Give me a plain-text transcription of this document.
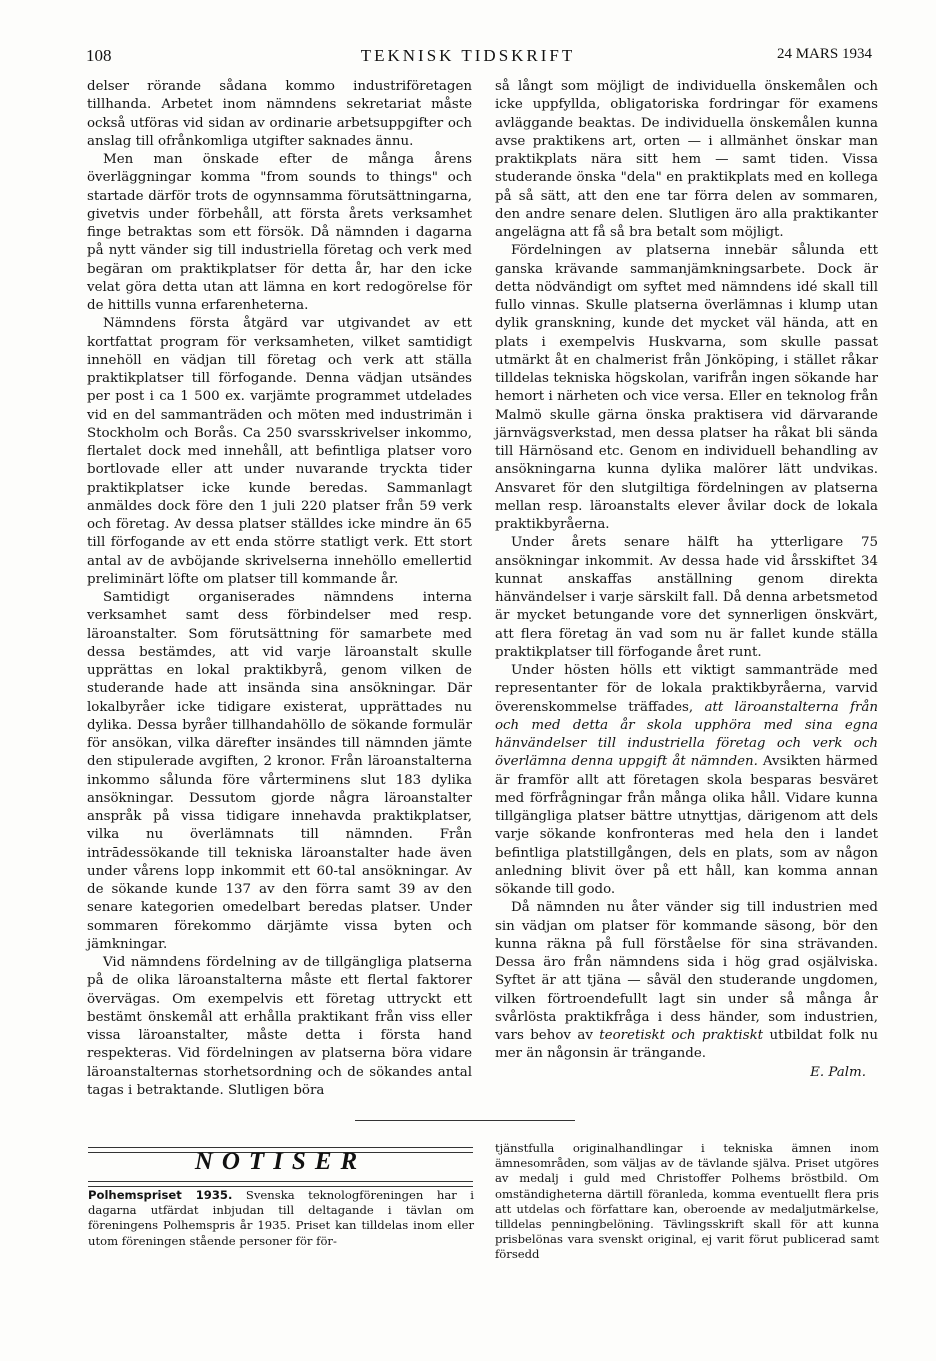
108	TEKNISK TIDSKRIFT	24 MARS 1934

delser rörande sådana kommo industriföretagen tillhanda. Arbetet inom nämndens sekretariat måste också utföras vid sidan av ordinarie arbetsuppgifter och anslag till ofrånkomliga utgifter saknades ännu.

Men man önskade efter de många årens överläggningar komma "from sounds to things" och startade därför trots de ogynnsamma förutsättningarna, givetvis under förbehåll, att första årets verksamhet finge betraktas som ett försök. Då nämnden i dagarna på nytt vänder sig till industriella företag och verk med begäran om praktikplatser för detta år, har den icke velat göra detta utan att lämna en kort redogörelse för de hittills vunna erfarenheterna.

Nämndens första åtgärd var utgivandet av ett kortfattat program för verksamheten, vilket samtidigt innehöll en vädjan till företag och verk att ställa praktikplatser till förfogande. Denna vädjan utsändes per post i ca 1 500 ex. varjämte programmet utdelades vid en del sammanträden och möten med industrimän i Stockholm och Borås. Ca 250 svarsskrivelser inkommo, flertalet dock med innehåll, att befintliga platser voro bortlovade eller att under nuvarande tryckta tider praktikplatser icke kunde beredas. Sammanlagt anmäldes dock före den 1 juli 220 platser från 59 verk och företag. Av dessa platser ställdes icke mindre än 65 till förfogande av ett enda större statligt verk. Ett stort antal av de avböjande skrivelserna innehöllo emellertid preliminärt löfte om platser till kommande år.

Samtidigt organiserades nämndens interna verksamhet samt dess förbindelser med resp. läroanstalter. Som förutsättning för samarbete med dessa bestämdes, att vid varje läroanstalt skulle upprättas en lokal praktikbyrå, genom vilken de studerande hade att insända sina ansökningar. Där lokalbyråer icke tidigare existerat, upprättades nu dylika. Dessa byråer tillhandahöllo de sökande formulär för ansökan, vilka därefter insändes till nämnden jämte den stipulerade avgiften, 2 kronor. Från läroanstalterna inkommo sålunda före vårterminens slut 183 dylika ansökningar. Dessutom gjorde några läroanstalter anspråk på vissa tidigare innehavda praktikplatser, vilka nu överlämnats till nämnden. Från intrādessökande till tekniska läroanstalter hade även under vårens lopp inkommit ett 60-tal ansökningar. Av de sökande kunde 137 av den förra samt 39 av den senare kategorien omedelbart beredas platser. Under sommaren förekommo därjämte vissa byten och jämkningar.

Vid nämndens fördelning av de tillgängliga platserna på de olika läroanstalterna måste ett flertal faktorer övervägas. Om exempelvis ett företag uttryckt ett bestämt önskemål att erhålla praktikant från viss eller vissa läroanstalter, måste detta i första hand respekteras. Vid fördelningen av platserna böra vidare läroanstalternas storhetsordning och de sökandes antal tagas i betraktande. Slutligen böra

så långt som möjligt de individuella önskemålen och icke uppfyllda, obligatoriska fordringar för examens avläggande beaktas. De individuella önskemålen kunna avse praktikens art, orten — i allmänhet önskar man praktikplats nära sitt hem — samt tiden. Vissa studerande önska "dela" en praktikplats med en kollega på så sätt, att den ene tar förra delen av sommaren, den andre senare delen. Slutligen äro alla praktikanter angelägna att få så bra betalt som möjligt.

Fördelningen av platserna innebär sålunda ett ganska krävande sammanjämkningsarbete. Dock är detta nödvändigt om syftet med nämndens idé skall till fullo vinnas. Skulle platserna överlämnas i klump utan dylik granskning, kunde det mycket väl hända, att en plats i exempelvis Huskvarna, som skulle passat utmärkt åt en chalmerist från Jönköping, i stället råkar tilldelas tekniska högskolan, varifrån ingen sökande har hemort i närheten och vice versa. Eller en teknolog från Malmö skulle gärna önska praktisera vid därvarande järnvägsverkstad, men dessa platser ha råkat bli sända till Härnösand etc. Genom en individuell behandling av ansökningarna kunna dylika malörer lätt undvikas. Ansvaret för den slutgiltiga fördelningen av platserna mellan resp. läroanstalts elever åvilar dock de lokala praktikbyråerna.

Under årets senare hälft ha ytterligare 75 ansökningar inkommit. Av dessa hade vid årsskiftet 34 kunnat anskaffas anställning genom direkta hänvändelser i varje särskilt fall. Då denna arbetsmetod är mycket betungande vore det synnerligen önskvärt, att flera företag än vad som nu är fallet kunde ställa praktikplatser till förfogande året runt.

Under hösten hölls ett viktigt sammanträde med representanter för de lokala praktikbyråerna, varvid överenskommelse träffades, att läroanstalterna från och med detta år skola upphöra med sina egna hänvändelser till industriella företag och verk och överlämna denna uppgift åt nämnden. Avsikten härmed är framför allt att företagen skola besparas besväret med förfrågningar från många olika håll. Vidare kunna tillgängliga platser bättre utnyttjas, därigenom att dels varje sökande konfronteras med hela den i landet befintliga platstillgången, dels en plats, som av någon anledning blivit över på ett håll, kan komma annan sökande till godo.

Då nämnden nu åter vänder sig till industrien med sin vädjan om platser för kommande säsong, bör den kunna räkna på full förståelse för sina strävanden. Dessa äro från nämndens sida i hög grad osjälviska. Syftet är att tjäna — såväl den studerande ungdomen, vilken förtroendefullt lagt sin under så många år svårlösta praktikfråga i dess händer, som industrien, vars behov av teoretiskt och praktiskt utbildat folk nu mer än någonsin är trängande.

E. Palm.

NOTISER

Polhemspriset 1935. Svenska teknologföreningen har i dagarna utfärdat inbjudan till deltagande i tävlan om föreningens Polhemspris år 1935. Priset kan tilldelas inom eller utom föreningen stående personer för för-

tjänstfulla originalhandlingar i tekniska ämnen inom ämnesområden, som väljas av de tävlande själva. Priset utgöres av medalj i guld med Christoffer Polhems bröstbild. Om omständigheterna därtill föranleda, komma eventuellt flera pris att utdelas och författare kan, oberoende av medaljutmärkelse, tilldelas penningbelöning. Tävlingsskrift skall för att kunna prisbelönas vara svenskt original, ej varit förut publicerad samt försedd
